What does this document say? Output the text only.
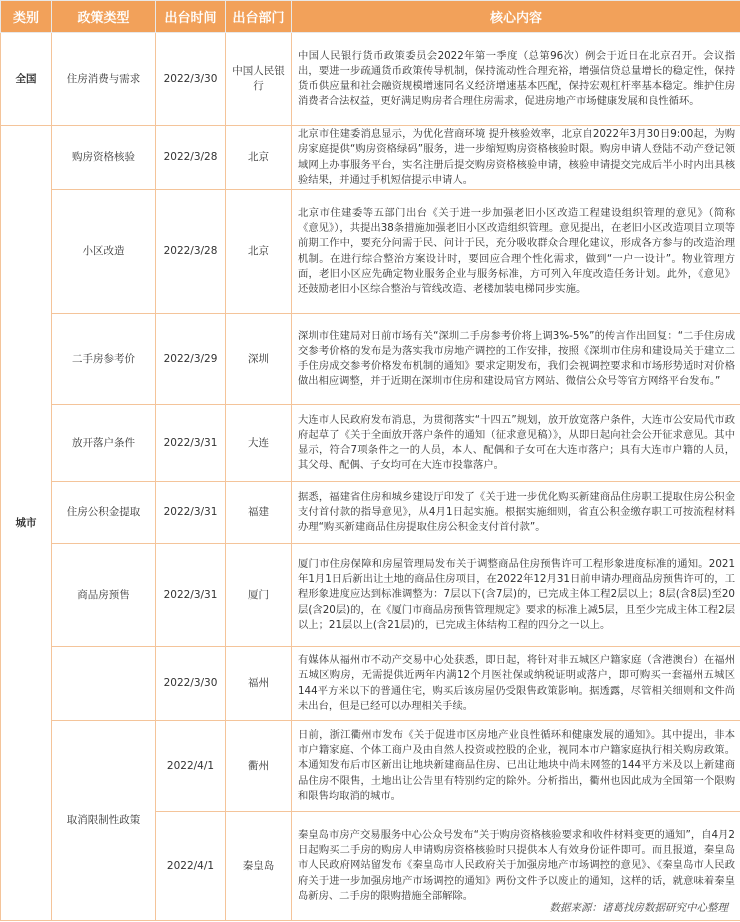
类别	政策类型	出台时间	出台部门	核心内容
全国	住房消费与需求	2022/3/30	中国人民银行	中国人民银行货币政策委员会2022年第一季度（总第96次）例会于近日在北京召开。会议指出，要进一步疏通货币政策传导机制，保持流动性合理充裕，增强信贷总量增长的稳定性，保持货币供应量和社会融资规模增速同名义经济增速基本匹配，保持宏观杠杆率基本稳定。维护住房消费者合法权益，更好满足购房者合理住房需求，促进房地产市场健康发展和良性循环。
城市	购房资格核验	2022/3/28	北京	北京市住建委消息显示，为优化营商环境 提升核验效率，北京自2022年3月30日9:00起，为购房家庭提供“购房资格绿码”服务，进一步缩短购房资格核验时限。购房申请人登陆不动产登记领域网上办事服务平台，实名注册后提交购房资格核验申请，核验申请提交完成后半小时内出具核验结果，并通过手机短信提示申请人。
	小区改造	2022/3/28	北京	北京市住建委等五部门出台《关于进一步加强老旧小区改造工程建设组织管理的意见》（简称《意见》），共提出38条措施加强老旧小区改造组织管理。意见提出，在老旧小区改造项目立项等前期工作中，要充分问需于民、问计于民，充分吸收群众合理化建议，形成各方参与的改造治理机制。在进行综合整治方案设计时，要回应合理个性化需求，做到“一户一设计”。物业管理方面，老旧小区应先确定物业服务企业与服务标准，方可列入年度改造任务计划。此外，《意见》还鼓励老旧小区综合整治与管线改造、老楼加装电梯同步实施。
	二手房参考价	2022/3/29	深圳	深圳市住建局对日前市场有关“深圳二手房参考价将上调3%-5%”的传言作出回复：“二手住房成交参考价格的发布是为落实我市房地产调控的工作安排，按照《深圳市住房和建设局关于建立二手住房成交参考价格发布机制的通知》要求定期发布，我们会视调控要求和市场形势适时对价格做出相应调整，并于近期在深圳市住房和建设局官方网站、微信公众号等官方网络平台发布。”
	放开落户条件	2022/3/31	大连	大连市人民政府发布消息，为贯彻落实“十四五”规划，放开放宽落户条件，大连市公安局代市政府起草了《关于全面放开落户条件的通知（征求意见稿）》，从即日起向社会公开征求意见。其中显示，符合7项条件之一的人员，本人、配偶和子女可在大连市落户；具有大连市户籍的人员，其父母、配偶、子女均可在大连市投靠落户。
	住房公积金提取	2022/3/31	福建	据悉，福建省住房和城乡建设厅印发了《关于进一步优化购买新建商品住房职工提取住房公积金支付首付款的指导意见》，从4月1日起实施。根据实施细则，省直公积金缴存职工可按流程材料办理“购买新建商品住房提取住房公积金支付首付款”。
	商品房预售	2022/3/31	厦门	厦门市住房保障和房屋管理局发布关于调整商品住房预售许可工程形象进度标准的通知。2021年1月1日后新出让土地的商品住房项目，在2022年12月31日前申请办理商品房预售许可的，工程形象进度应达到标准调整为：7层以下(含7层)的，已完成主体工程2层以上；8层(含8层)至20层(含20层)的，在《厦门市商品房预售管理规定》要求的标准上减5层，且至少完成主体工程2层以上；21层以上(含21层)的，已完成主体结构工程的四分之一以上。
		2022/3/30	福州	有媒体从福州市不动产交易中心处获悉，即日起，将针对非五城区户籍家庭（含港澳台）在福州五城区购房，无需提供近两年内满12个月医社保或纳税证明或落户，即可购买一套福州五城区144平方米以下的普通住宅，购买后该房屋仍受限售政策影响。据透露，尽管相关细则和文件尚未出台，但是已经可以办理相关手续。
	取消限制性政策	2022/4/1	衢州	日前，浙江衢州市发布《关于促进市区房地产业良性循环和健康发展的通知》。其中提出，非本市户籍家庭、个体工商户及由自然人投资或控股的企业，视同本市户籍家庭执行相关购房政策。本通知发布后市区新出让地块新建商品住房、已出让地块中尚未网签的144平方米及以上新建商品住房不限售，土地出让公告里有特别约定的除外。分析指出，衢州也因此成为全国第一个限购和限售均取消的城市。
		2022/4/1	秦皇岛	秦皇岛市房产交易服务中心公众号发布“关于购房资格核验要求和收件材料变更的通知”，自4月2日起购买二手房的购房人申请购房资格核验时只提供本人有效身份证件即可。而且报道，秦皇岛市人民政府网站留发布《秦皇岛市人民政府关于加强房地产市场调控的意见》、《秦皇岛市人民政府关于进一步加强房地产市场调控的通知》两份文件予以废止的通知，这样的话，就意味着秦皇岛新房、二手房的限购措施全部解除。
数据来源：诸葛找房数据研究中心整理
